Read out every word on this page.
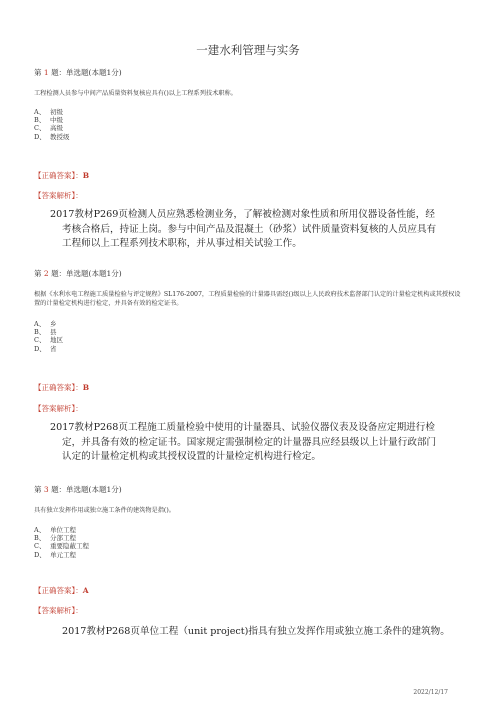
一建水利管理与实务

第 1 题：单选题(本题1分)

工程检测人员参与中间产品质量资料复核应具有()以上工程系列技术职称。

A、 初级
B、 中级
C、 高级
D、 教授级

【正确答案】：B

【答案解析】：

2017教材P269页检测人员应熟悉检测业务，了解被检测对象性质和所用仪器设备性能，经

考核合格后，持证上岗。参与中间产品及混凝土（砂浆）试件质量资料复核的人员应具有

工程师以上工程系列技术职称，并从事过相关试验工作。

第 2 题：单选题(本题1分)

根据《水利水电工程施工质量检验与评定规程》SL176-2007，工程质量检验的计量器具需经()级以上人民政府技术监督部门认定的计量检定机构或其授权设置的计量检定机构进行检定，并具备有效的检定证书。

A、 乡
B、 县
C、 地区
D、 省

【正确答案】：B

【答案解析】：

2017教材P268页工程施工质量检验中使用的计量器具、试验仪器仪表及设备应定期进行检

定，并具备有效的检定证书。国家规定需强制检定的计量器具应经县级以上计量行政部门

认定的计量检定机构或其授权设置的计量检定机构进行检定。

第 3 题：单选题(本题1分)

具有独立发挥作用或独立施工条件的建筑物是指()。

A、 单位工程
B、 分部工程
C、 重要隐蔽工程
D、 单元工程

【正确答案】：A

【答案解析】：

2017教材P268页单位工程（unit project)指具有独立发挥作用或独立施工条件的建筑物。

2022/12/17
